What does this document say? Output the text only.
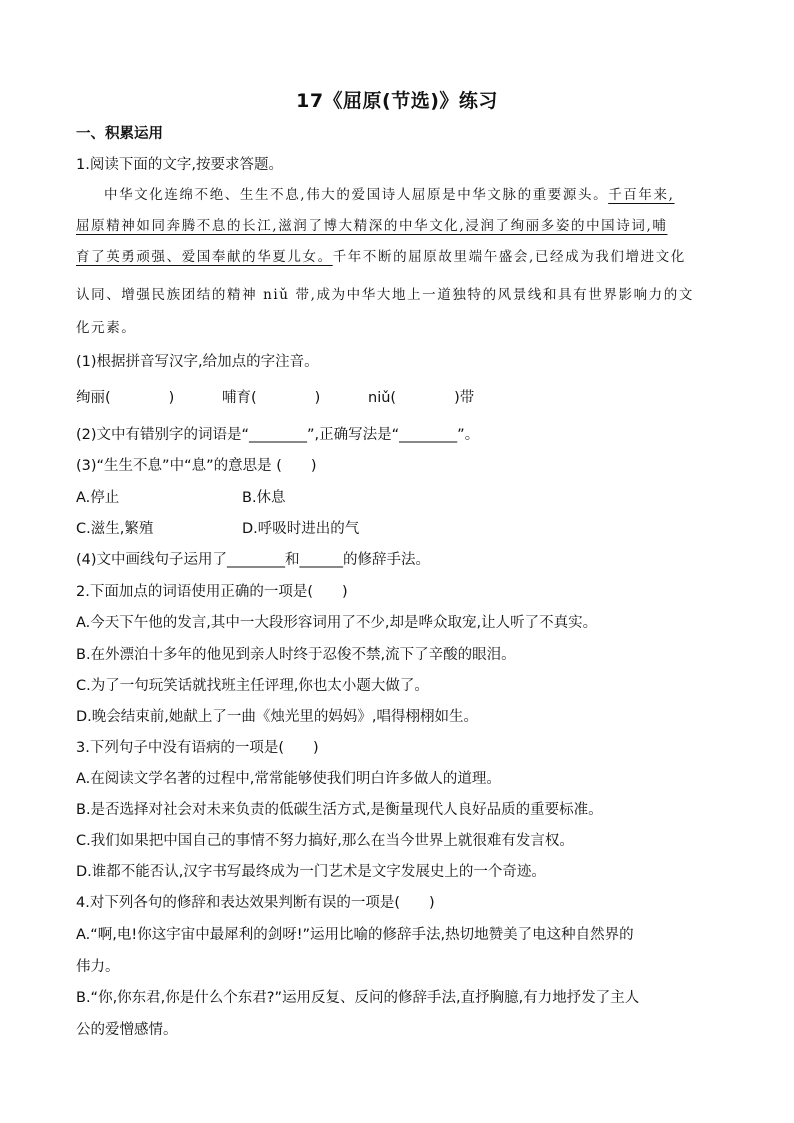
17《屈原(节选)》练习
一、积累运用
1.阅读下面的文字,按要求答题。
中华文化连绵不绝、生生不息,伟大的爱国诗人屈原是中华文脉的重要源头。千百年来,
屈原精神如同奔腾不息的长江,滋润了博大精深的中华文化,浸润了绚丽多姿的中国诗词,哺
育了英勇顽强、爱国奉献的华夏儿女。千年不断的屈原故里端午盛会,已经成为我们增进文化
认同、增强民族团结的精神 niǔ 带,成为中华大地上一道独特的风景线和具有世界影响力的文
化元素。
(1)根据拼音写汉字,给加点的字注音。
绚丽(　　　　)	哺育(　　　　)	niǔ(　　　　)带
(2)文中有错别字的词语是“________”,正确写法是“________”。
(3)“生生不息”中“息”的意思是 (　　)
A.停止	B.休息
C.滋生,繁殖	D.呼吸时进出的气
(4)文中画线句子运用了________和______的修辞手法。
2.下面加点的词语使用正确的一项是(　　)
A.今天下午他的发言,其中一大段形容词用了不少,却是哗众取宠,让人听了不真实。
B.在外漂泊十多年的他见到亲人时终于忍俊不禁,流下了辛酸的眼泪。
C.为了一句玩笑话就找班主任评理,你也太小题大做了。
D.晚会结束前,她献上了一曲《烛光里的妈妈》,唱得栩栩如生。
3.下列句子中没有语病的一项是(　　)
A.在阅读文学名著的过程中,常常能够使我们明白许多做人的道理。
B.是否选择对社会对未来负责的低碳生活方式,是衡量现代人良好品质的重要标准。
C.我们如果把中国自己的事情不努力搞好,那么在当今世界上就很难有发言权。
D.谁都不能否认,汉字书写最终成为一门艺术是文字发展史上的一个奇迹。
4.对下列各句的修辞和表达效果判断有误的一项是(　　)
A.“啊,电!你这宇宙中最犀利的剑呀!”运用比喻的修辞手法,热切地赞美了电这种自然界的
伟力。
B.“你,你东君,你是什么个东君?”运用反复、反问的修辞手法,直抒胸臆,有力地抒发了主人
公的爱憎感情。
